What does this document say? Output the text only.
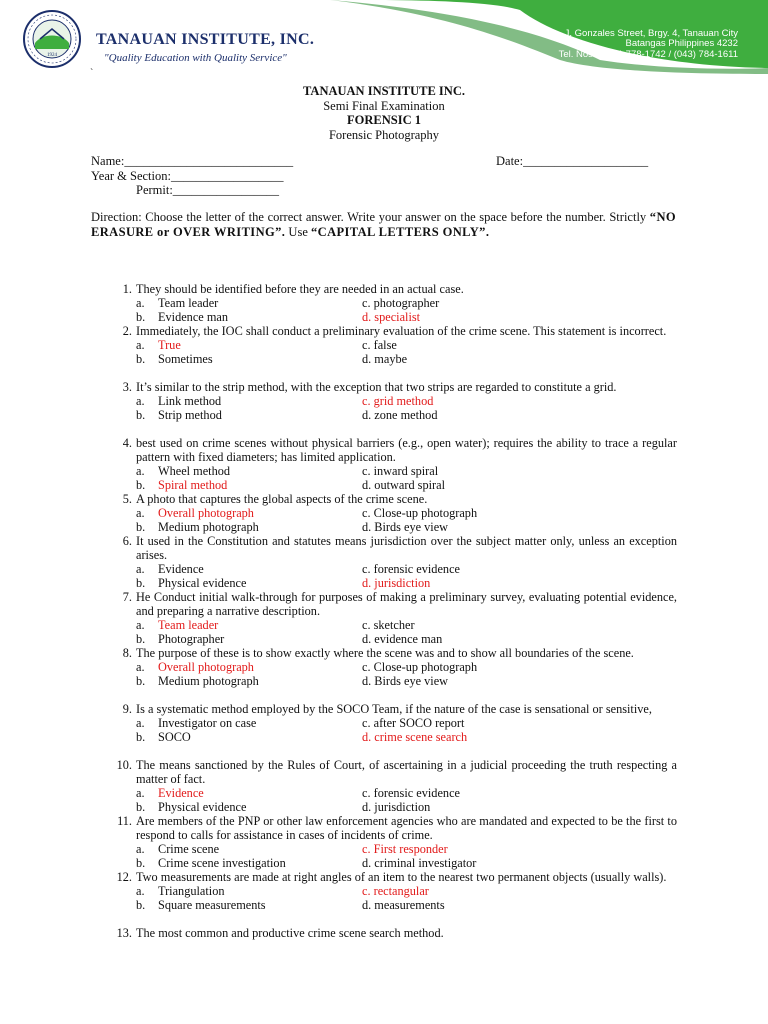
1924
TANAUAN INSTITUTE, INC.
"Quality Education with Quality Service"
J. Gonzales Street, Brgy. 4, Tanauan City
Batangas Philippines 4232
Tel. Nos.: (043) 778-1742 / (043) 784-1611
`
TANAUAN INSTITUTE INC.
Semi Final Examination
FORENSIC 1
Forensic Photography
Name:___________________________	Date:____________________
Year & Section:__________________
Permit:_________________
Direction: Choose the letter of the correct answer. Write your answer on the space before the number. Strictly “NO ERASURE or OVER WRITING”. Use “CAPITAL LETTERS ONLY”.
1. They should be identified before they are needed in an actual case.
a. Team leader	c. photographer
b. Evidence man	d. specialist
2. Immediately, the IOC shall conduct a preliminary evaluation of the crime scene. This statement is incorrect.
a. True	c. false
b. Sometimes	d. maybe
3. It’s similar to the strip method, with the exception that two strips are regarded to constitute a grid.
a. Link method	c. grid method
b. Strip method	d. zone method
4. best used on crime scenes without physical barriers (e.g., open water); requires the ability to trace a regular pattern with fixed diameters; has limited application.
a. Wheel method	c. inward spiral
b. Spiral method	d. outward spiral
5. A photo that captures the global aspects of the crime scene.
a. Overall photograph	c. Close-up photograph
b. Medium photograph	d. Birds eye view
6. It used in the Constitution and statutes means jurisdiction over the subject matter only, unless an exception arises.
a. Evidence	c. forensic evidence
b. Physical evidence	d. jurisdiction
7. He Conduct initial walk-through for purposes of making a preliminary survey, evaluating potential evidence, and preparing a narrative description.
a. Team leader	c. sketcher
b. Photographer	d. evidence man
8. The purpose of these is to show exactly where the scene was and to show all boundaries of the scene.
a. Overall photograph	c. Close-up photograph
b. Medium photograph	d. Birds eye view
9. Is a systematic method employed by the SOCO Team, if the nature of the case is sensational or sensitive,
a. Investigator on case	c. after SOCO report
b. SOCO	d. crime scene search
10. The means sanctioned by the Rules of Court, of ascertaining in a judicial proceeding the truth respecting a matter of fact.
a. Evidence	c. forensic evidence
b. Physical evidence	d. jurisdiction
11. Are members of the PNP or other law enforcement agencies who are mandated and expected to be the first to respond to calls for assistance in cases of incidents of crime.
a. Crime scene	c. First responder
b. Crime scene investigation	d. criminal investigator
12. Two measurements are made at right angles of an item to the nearest two permanent objects (usually walls).
a. Triangulation	c. rectangular
b. Square measurements	d. measurements
13. The most common and productive crime scene search method.
